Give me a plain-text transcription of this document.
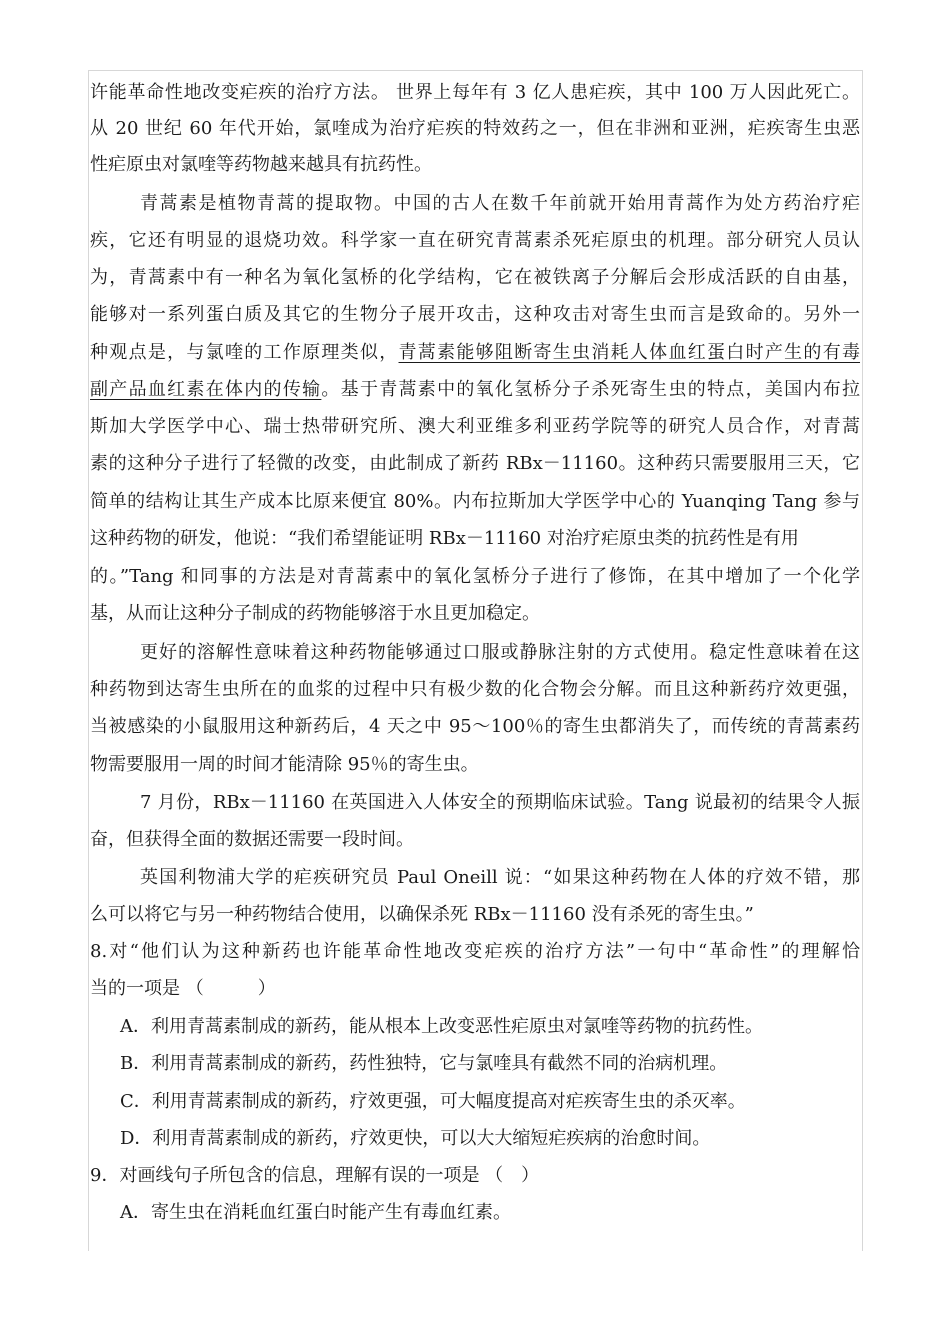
许能革命性地改变疟疾的治疗方法。 世界上每年有 3 亿人患疟疾，其中 100 万人因此死亡。
从 20 世纪 60 年代开始，氯喹成为治疗疟疾的特效药之一，但在非洲和亚洲，疟疾寄生虫恶
性疟原虫对氯喹等药物越来越具有抗药性。
青蒿素是植物青蒿的提取物。中国的古人在数千年前就开始用青蒿作为处方药治疗疟
疾，它还有明显的退烧功效。科学家一直在研究青蒿素杀死疟原虫的机理。部分研究人员认
为，青蒿素中有一种名为氧化氢桥的化学结构，它在被铁离子分解后会形成活跃的自由基，
能够对一系列蛋白质及其它的生物分子展开攻击，这种攻击对寄生虫而言是致命的。另外一
种观点是，与氯喹的工作原理类似，青蒿素能够阻断寄生虫消耗人体血红蛋白时产生的有毒
副产品血红素在体内的传输。基于青蒿素中的氧化氢桥分子杀死寄生虫的特点，美国内布拉
斯加大学医学中心、瑞士热带研究所、澳大利亚维多利亚药学院等的研究人员合作，对青蒿
素的这种分子进行了轻微的改变，由此制成了新药 RBx－11160。这种药只需要服用三天，它
简单的结构让其生产成本比原来便宜 80%。内布拉斯加大学医学中心的 Yuanqing Tang 参与
这种药物的研发，他说：“我们希望能证明 RBx－11160 对治疗疟原虫类的抗药性是有用
的。”Tang 和同事的方法是对青蒿素中的氧化氢桥分子进行了修饰，在其中增加了一个化学
基，从而让这种分子制成的药物能够溶于水且更加稳定。
更好的溶解性意味着这种药物能够通过口服或静脉注射的方式使用。稳定性意味着在这
种药物到达寄生虫所在的血浆的过程中只有极少数的化合物会分解。而且这种新药疗效更强，
当被感染的小鼠服用这种新药后，4 天之中 95～100％的寄生虫都消失了，而传统的青蒿素药
物需要服用一周的时间才能清除 95％的寄生虫。
7 月份，RBx－11160 在英国进入人体安全的预期临床试验。Tang 说最初的结果令人振
奋，但获得全面的数据还需要一段时间。
英国利物浦大学的疟疾研究员 Paul Oneill 说：“如果这种药物在人体的疗效不错，那
么可以将它与另一种药物结合使用，以确保杀死 RBx－11160 没有杀死的寄生虫。”
8.对“他们认为这种新药也许能革命性地改变疟疾的治疗方法”一句中“革命性”的理解恰
当的一项是 （　　　）
A．利用青蒿素制成的新药，能从根本上改变恶性疟原虫对氯喹等药物的抗药性。
B．利用青蒿素制成的新药，药性独特，它与氯喹具有截然不同的治病机理。
C．利用青蒿素制成的新药，疗效更强，可大幅度提高对疟疾寄生虫的杀灭率。
D．利用青蒿素制成的新药，疗效更快，可以大大缩短疟疾病的治愈时间。
9．对画线句子所包含的信息，理解有误的一项是 （　）
A．寄生虫在消耗血红蛋白时能产生有毒血红素。
